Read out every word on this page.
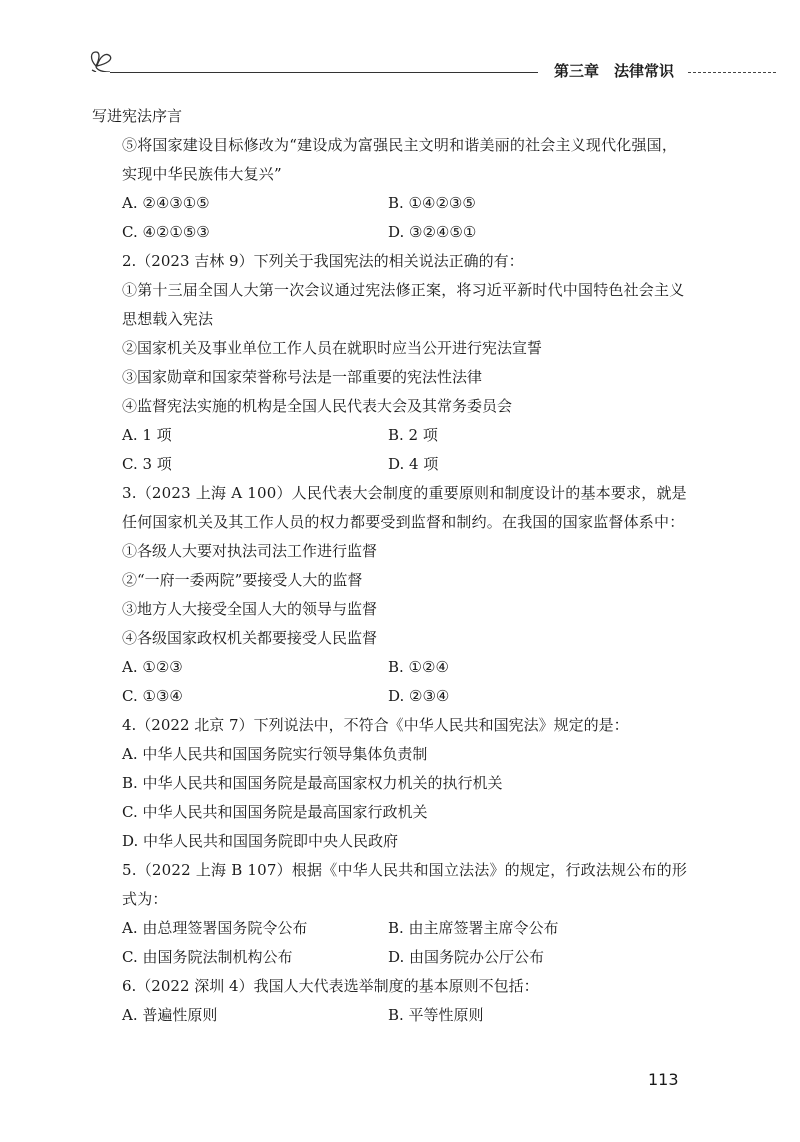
第三章　法律常识
写进宪法序言
⑤将国家建设目标修改为“建设成为富强民主文明和谐美丽的社会主义现代化强国，实现中华民族伟大复兴”
A. ②④③①⑤	B. ①④②③⑤
C. ④②①⑤③	D. ③②④⑤①
2.（2023 吉林 9）下列关于我国宪法的相关说法正确的有：
①第十三届全国人大第一次会议通过宪法修正案，将习近平新时代中国特色社会主义思想载入宪法
②国家机关及事业单位工作人员在就职时应当公开进行宪法宣誓
③国家勋章和国家荣誉称号法是一部重要的宪法性法律
④监督宪法实施的机构是全国人民代表大会及其常务委员会
A. 1 项	B. 2 项
C. 3 项	D. 4 项
3.（2023 上海 A 100）人民代表大会制度的重要原则和制度设计的基本要求，就是任何国家机关及其工作人员的权力都要受到监督和制约。在我国的国家监督体系中：
①各级人大要对执法司法工作进行监督
②“一府一委两院”要接受人大的监督
③地方人大接受全国人大的领导与监督
④各级国家政权机关都要接受人民监督
A. ①②③	B. ①②④
C. ①③④	D. ②③④
4.（2022 北京 7）下列说法中，不符合《中华人民共和国宪法》规定的是：
A. 中华人民共和国国务院实行领导集体负责制
B. 中华人民共和国国务院是最高国家权力机关的执行机关
C. 中华人民共和国国务院是最高国家行政机关
D. 中华人民共和国国务院即中央人民政府
5.（2022 上海 B 107）根据《中华人民共和国立法法》的规定，行政法规公布的形式为：
A. 由总理签署国务院令公布	B. 由主席签署主席令公布
C. 由国务院法制机构公布	D. 由国务院办公厅公布
6.（2022 深圳 4）我国人大代表选举制度的基本原则不包括：
A. 普遍性原则	B. 平等性原则
113
